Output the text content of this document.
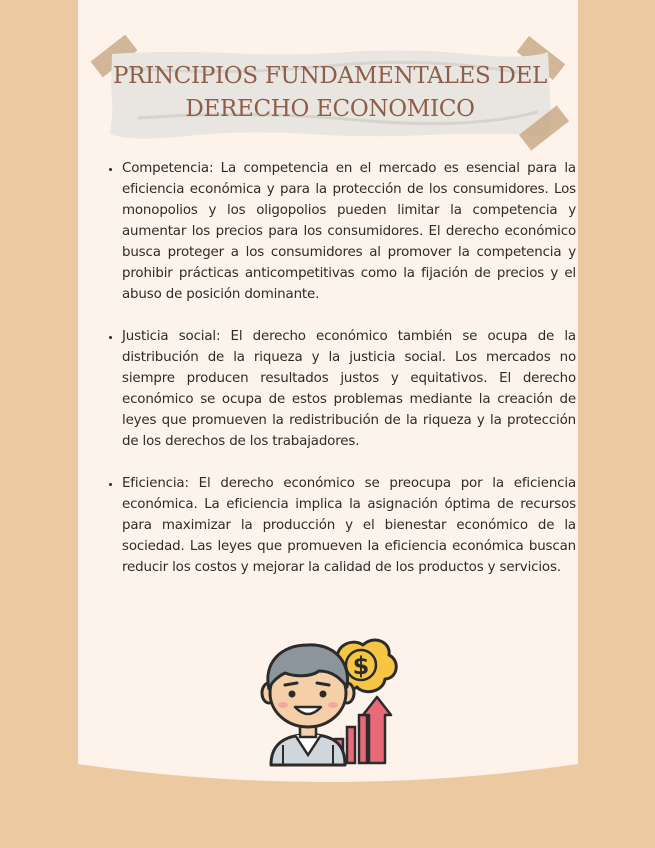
PRINCIPIOS FUNDAMENTALES DEL
DERECHO ECONOMICO
• Competencia: La competencia en el mercado es esencial para la eficiencia económica y para la protección de los consumidores. Los monopolios y los oligopolios pueden limitar la competencia y aumentar los precios para los consumidores. El derecho económico busca proteger a los consumidores al promover la competencia y prohibir prácticas anticompetitivas como la fijación de precios y el abuso de posición dominante.
• Justicia social: El derecho económico también se ocupa de la distribución de la riqueza y la justicia social. Los mercados no siempre producen resultados justos y equitativos. El derecho económico se ocupa de estos problemas mediante la creación de leyes que promueven la redistribución de la riqueza y la protección de los derechos de los trabajadores.
• Eficiencia: El derecho económico se preocupa por la eficiencia económica. La eficiencia implica la asignación óptima de recursos para maximizar la producción y el bienestar económico de la sociedad. Las leyes que promueven la eficiencia económica buscan reducir los costos y mejorar la calidad de los productos y servicios.
$
